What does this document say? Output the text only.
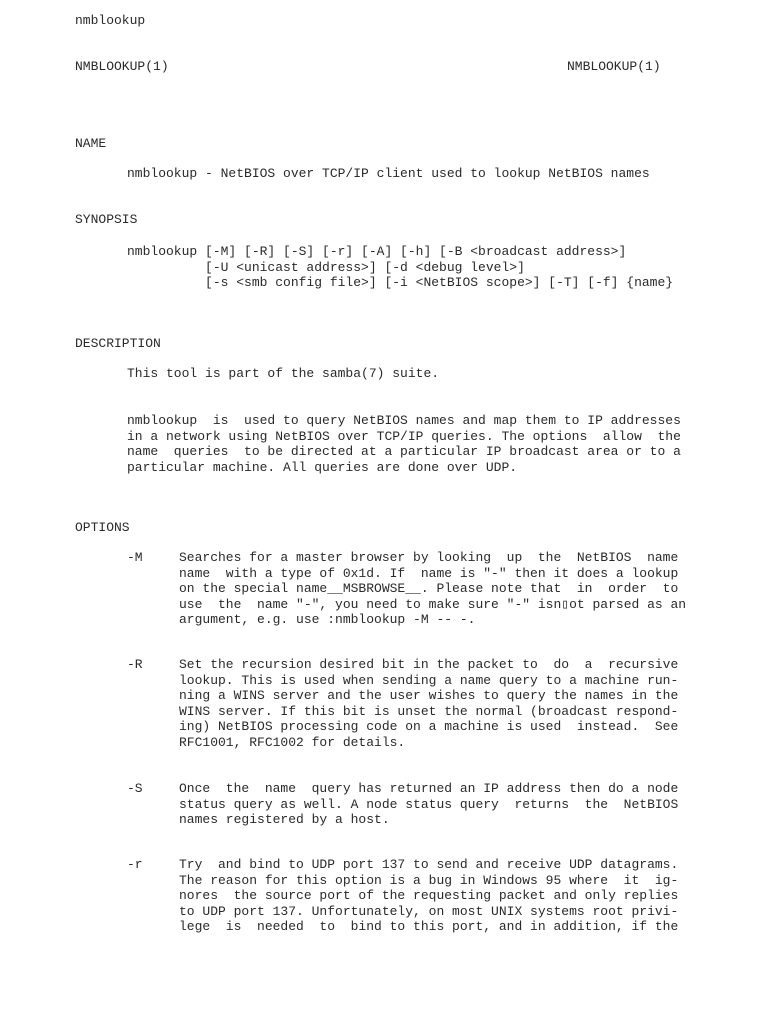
nmblookup
NMBLOOKUP(1)	NMBLOOKUP(1)
NAME
nmblookup - NetBIOS over TCP/IP client used to lookup NetBIOS names
SYNOPSIS
nmblookup [-M] [-R] [-S] [-r] [-A] [-h] [-B <broadcast address>]
[-U <unicast address>] [-d <debug level>]
[-s <smb config file>] [-i <NetBIOS scope>] [-T] [-f] {name}
DESCRIPTION
This tool is part of the samba(7) suite.
nmblookup  is  used to query NetBIOS names and map them to IP addresses
in a network using NetBIOS over TCP/IP queries. The options  allow  the
name  queries  to be directed at a particular IP broadcast area or to a
particular machine. All queries are done over UDP.
OPTIONS
-M	Searches for a master browser by looking  up  the  NetBIOS  name
name  with a type of 0x1d. If  name is "-" then it does a lookup
on the special name__MSBROWSE__. Please note that  in  order  to
use  the  name "-", you need to make sure "-" isn▯ot parsed as an
argument, e.g. use :nmblookup -M -- -.
-R	Set the recursion desired bit in the packet to  do  a  recursive
lookup. This is used when sending a name query to a machine run-
ning a WINS server and the user wishes to query the names in the
WINS server. If this bit is unset the normal (broadcast respond-
ing) NetBIOS processing code on a machine is used  instead.  See
RFC1001, RFC1002 for details.
-S	Once  the  name  query has returned an IP address then do a node
status query as well. A node status query  returns  the  NetBIOS
names registered by a host.
-r	Try  and bind to UDP port 137 to send and receive UDP datagrams.
The reason for this option is a bug in Windows 95 where  it  ig-
nores  the source port of the requesting packet and only replies
to UDP port 137. Unfortunately, on most UNIX systems root privi-
lege  is  needed  to  bind to this port, and in addition, if the
